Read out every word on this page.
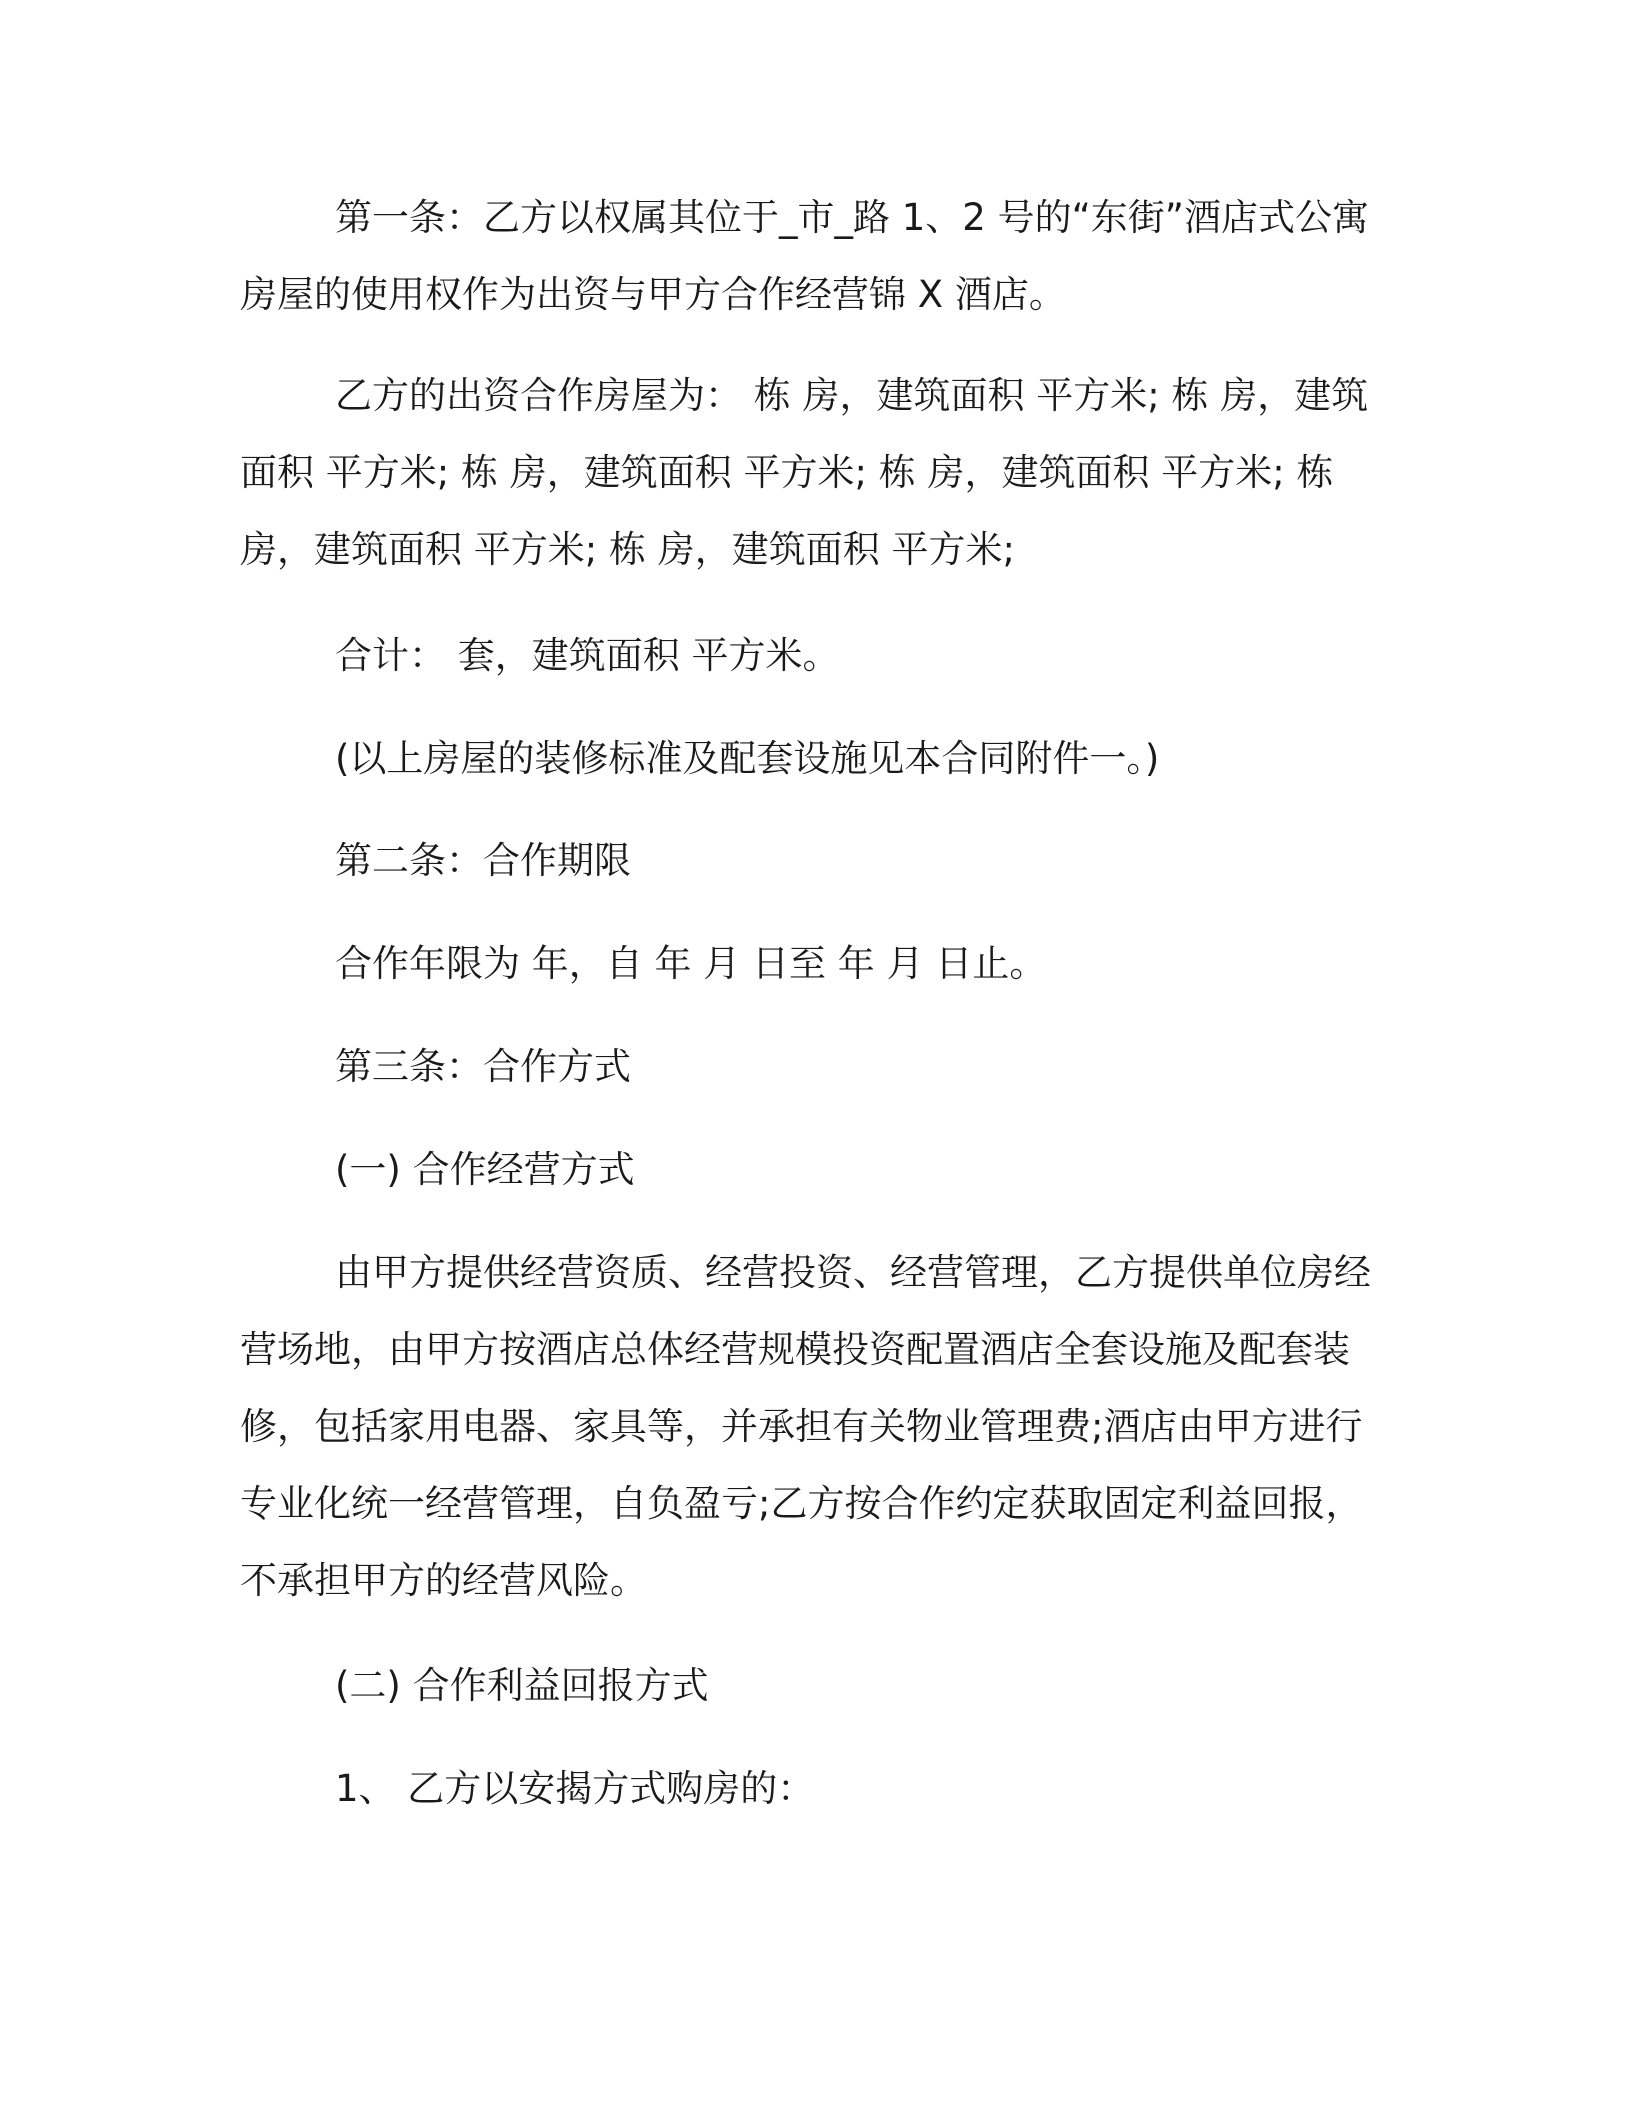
第一条：乙方以权属其位于_市_路 1、2 号的“东街”酒店式公寓房屋的使用权作为出资与甲方合作经营锦 X 酒店。

乙方的出资合作房屋为： 栋 房，建筑面积 平方米; 栋 房，建筑面积 平方米; 栋 房，建筑面积 平方米; 栋 房，建筑面积 平方米; 栋房，建筑面积 平方米; 栋 房，建筑面积 平方米;

合计： 套，建筑面积 平方米。

(以上房屋的装修标准及配套设施见本合同附件一。)

第二条：合作期限

合作年限为 年，自 年 月 日至 年 月 日止。

第三条：合作方式

(一) 合作经营方式

由甲方提供经营资质、经营投资、经营管理，乙方提供单位房经营场地，由甲方按酒店总体经营规模投资配置酒店全套设施及配套装修，包括家用电器、家具等，并承担有关物业管理费;酒店由甲方进行专业化统一经营管理，自负盈亏;乙方按合作约定获取固定利益回报，不承担甲方的经营风险。

(二) 合作利益回报方式

1、 乙方以安揭方式购房的：
